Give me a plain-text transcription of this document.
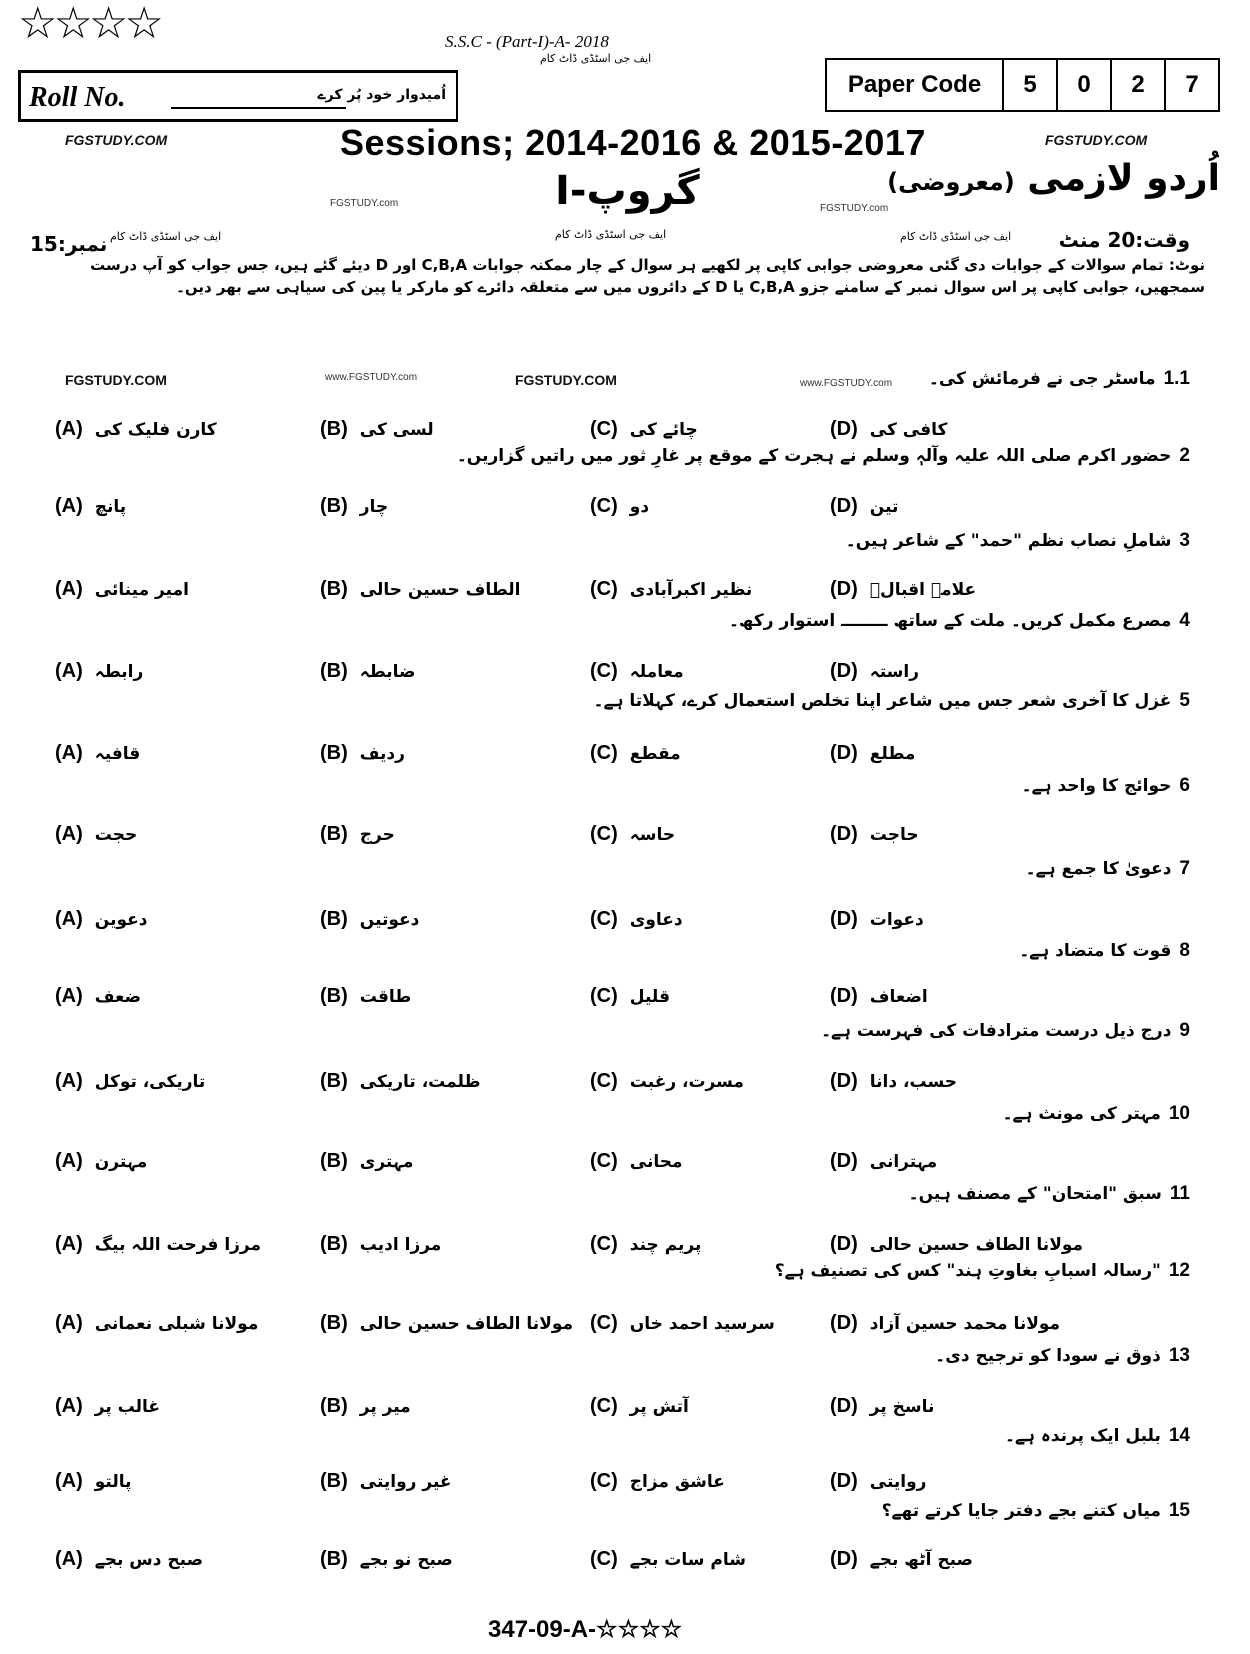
☆☆☆☆	S.S.C - (Part-I)-A- 2018
ایف جی اسٹڈی ڈاٹ کام
Roll No.	اُمیدوار خود پُر کرے	Paper Code	5	0	2	7
FGSTUDY.COM	Sessions; 2014-2016 & 2015-2017	FGSTUDY.COM
اُردو لازمی (معروضی)
FGSTUDY.com	گروپ-I	FGSTUDY.com
ایف جی اسٹڈی ڈاٹ کام	ایف جی اسٹڈی ڈاٹ کام
ایف جی اسٹڈی ڈاٹ کام	وقت:20 منٹ
نمبر:15
نوٹ: تمام سوالات کے جوابات دی گئی معروضی جوابی کاپی پر لکھیے ہر سوال کے چار ممکنہ جوابات C,B,A اور D دیئے گئے ہیں، جس جواب کو آپ درست سمجھیں، جوابی کاپی پر اس سوال نمبر کے سامنے جزو C,B,A یا D کے دائروں میں سے متعلقہ دائرے کو مارکر یا پین کی سیاہی سے بھر دیں۔
FGSTUDY.COM	www.FGSTUDY.com	FGSTUDY.COM	www.FGSTUDY.com	1.1ماسٹر جی نے فرمائش کی۔
(A) کارن فلیک کی	(B) لسی کی	(C) چائے کی	(D) کافی کی
2حضور اکرم صلی اللہ علیہ وآلہٖ وسلم نے ہجرت کے موقع پر غارِ ثور میں راتیں گزاریں۔
(A) پانچ	(B) چار	(C) دو	(D) تین
3شاملِ نصاب نظم "حمد" کے شاعر ہیں۔
(A) امیر مینائی	(B) الطاف حسین حالی	(C) نظیر اکبرآبادی	(D) علامہ اقبالؒ
4مصرع مکمل کریں۔ ملت کے ساتھ ــــــــ استوار رکھ۔
(A) رابطہ	(B) ضابطہ	(C) معاملہ	(D) راستہ
5غزل کا آخری شعر جس میں شاعر اپنا تخلص استعمال کرے، کہلاتا ہے۔
(A) قافیہ	(B) ردیف	(C) مقطع	(D) مطلع
6حوائج کا واحد ہے۔
(A) حجت	(B) حرج	(C) حاسہ	(D) حاجت
7دعویٰ کا جمع ہے۔
(A) دعوین	(B) دعوتیں	(C) دعاوی	(D) دعوات
8قوت کا متضاد ہے۔
(A) ضعف	(B) طاقت	(C) قلیل	(D) اضعاف
9درج ذیل درست مترادفات کی فہرست ہے۔
(A) تاریکی، توکل	(B) ظلمت، تاریکی	(C) مسرت، رغبت	(D) حسب، دانا
10مہتر کی مونث ہے۔
(A) مہترن	(B) مہتری	(C) محانی	(D) مہترانی
11سبق "امتحان" کے مصنف ہیں۔
(A) مرزا فرحت اللہ بیگ	(B) مرزا ادیب	(C) پریم چند	(D) مولانا الطاف حسین حالی
12"رسالہ اسبابِ بغاوتِ ہند" کس کی تصنیف ہے؟
(A) مولانا شبلی نعمانی	(B) مولانا الطاف حسین حالی (C) سرسید احمد خاں	(D) مولانا محمد حسین آزاد
13ذوق نے سودا کو ترجیح دی۔
(A) غالب پر	(B) میر پر	(C) آتش پر	(D) ناسخ پر
14بلبل ایک پرندہ ہے۔
(A) پالتو	(B) غیر روایتی	(C) عاشق مزاج	(D) روایتی
15میاں کتنے بجے دفتر جایا کرتے تھے؟
(A) صبح دس بجے	(B) صبح نو بجے	(C) شام سات بجے	(D) صبح آٹھ بجے
347-09-A-☆☆☆☆
